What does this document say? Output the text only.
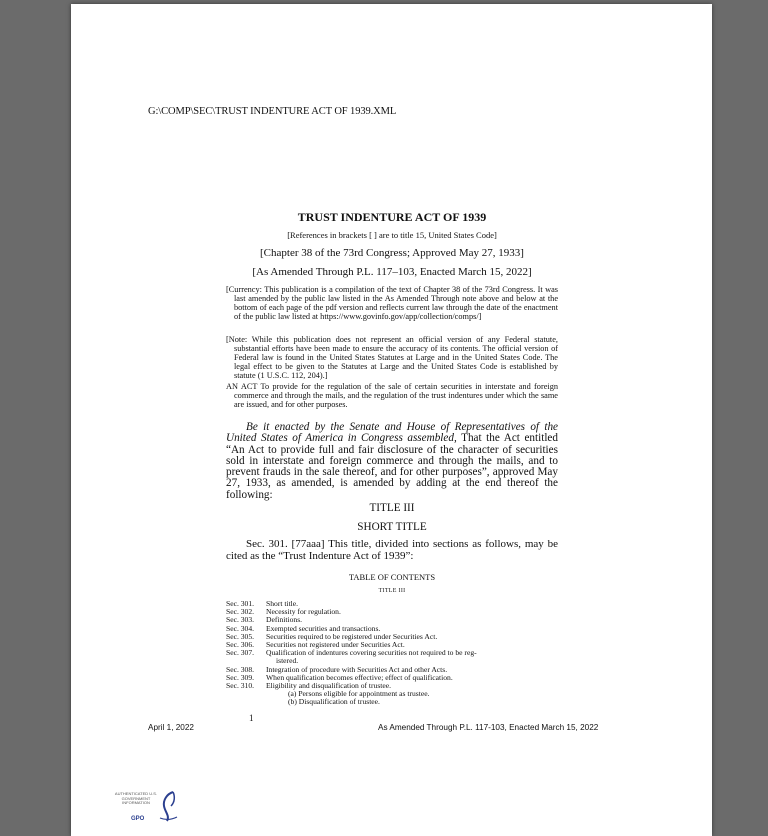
G:\COMP\SEC\TRUST INDENTURE ACT OF 1939.XML
TRUST INDENTURE ACT OF 1939
[References in brackets [ ] are to title 15, United States Code]
[Chapter 38 of the 73rd Congress; Approved May 27, 1933]
[As Amended Through P.L. 117–103, Enacted March 15, 2022]
[Currency: This publication is a compilation of the text of Chapter 38 of the 73rd Congress. It was last amended by the public law listed in the As Amended Through note above and below at the bottom of each page of the pdf version and reflects current law through the date of the enactment of the public law listed at https://www.govinfo.gov/app/collection/comps/]
[Note: While this publication does not represent an official version of any Federal statute, substantial efforts have been made to ensure the accuracy of its contents. The official version of Federal law is found in the United States Statutes at Large and in the United States Code. The legal effect to be given to the Statutes at Large and the United States Code is established by statute (1 U.S.C. 112, 204).]
AN ACT To provide for the regulation of the sale of certain securities in interstate and foreign commerce and through the mails, and the regulation of the trust indentures under which the same are issued, and for other purposes.
Be it enacted by the Senate and House of Representatives of the United States of America in Congress assembled, That the Act entitled “An Act to provide full and fair disclosure of the character of securities sold in interstate and foreign commerce and through the mails, and to prevent frauds in the sale thereof, and for other purposes”, approved May 27, 1933, as amended, is amended by adding at the end thereof the following:
TITLE III
SHORT TITLE
Sec. 301. [77aaa] This title, divided into sections as follows, may be cited as the “Trust Indenture Act of 1939”:
TABLE OF CONTENTS
TITLE III
Sec. 301.	Short title.
Sec. 302.	Necessity for regulation.
Sec. 303.	Definitions.
Sec. 304.	Exempted securities and transactions.
Sec. 305.	Securities required to be registered under Securities Act.
Sec. 306.	Securities not registered under Securities Act.
Sec. 307.	Qualification of indentures covering securities not required to be reg-
istered.
Sec. 308.	Integration of procedure with Securities Act and other Acts.
Sec. 309.	When qualification becomes effective; effect of qualification.
Sec. 310.	Eligibility and disqualification of trustee.
(a) Persons eligible for appointment as trustee.
(b) Disqualification of trustee.
1
April 1, 2022	As Amended Through P.L. 117-103, Enacted March 15, 2022
AUTHENTICATED U.S. GOVERNMENT INFORMATION
GPO
